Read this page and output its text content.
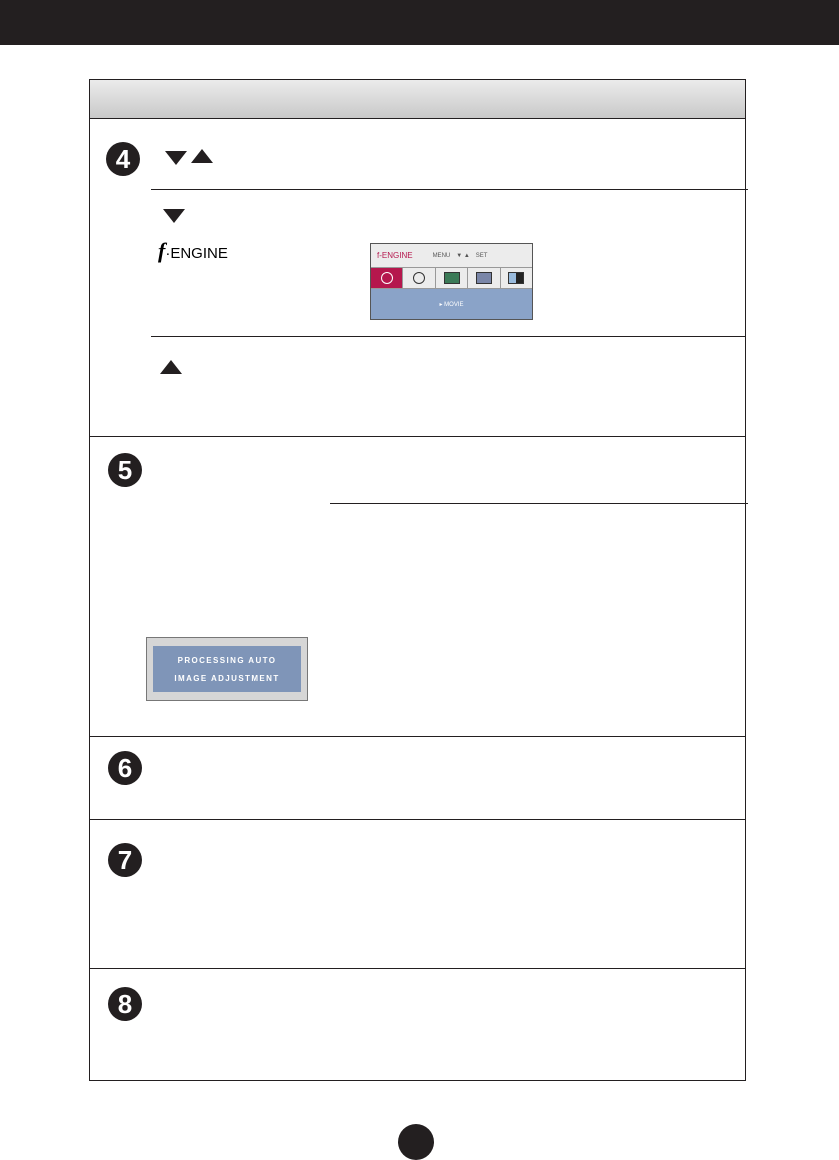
4
f·ENGINE	f-ENGINE	MENU ▼ ▲ SET
▸ MOVIE
5
PROCESSING AUTO
IMAGE ADJUSTMENT
6
7
8
